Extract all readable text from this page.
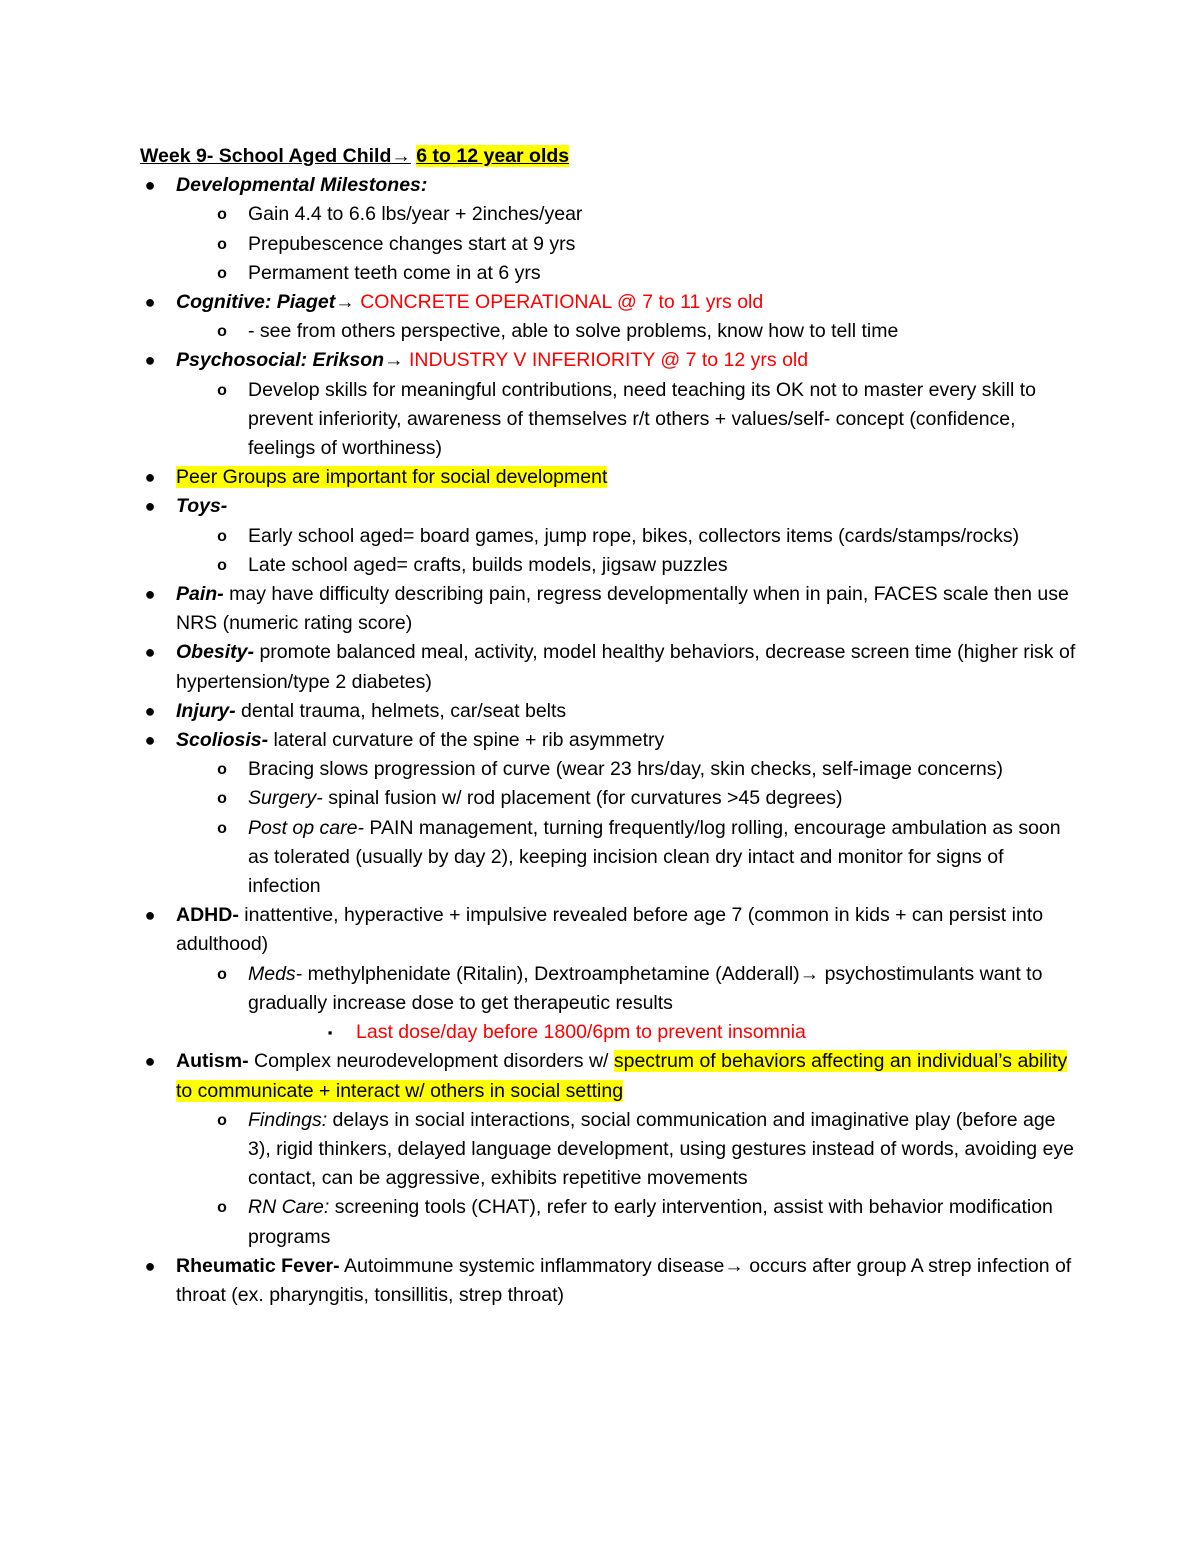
Week 9- School Aged Child→ 6 to 12 year olds
● Developmental Milestones:
o Gain 4.4 to 6.6 lbs/year + 2inches/year
o Prepubescence changes start at 9 yrs
o Permament teeth come in at 6 yrs
● Cognitive: Piaget→ CONCRETE OPERATIONAL @ 7 to 11 yrs old
o - see from others perspective, able to solve problems, know how to tell time
● Psychosocial: Erikson→ INDUSTRY V INFERIORITY @ 7 to 12 yrs old
o Develop skills for meaningful contributions, need teaching its OK not to master every skill to prevent inferiority, awareness of themselves r/t others + values/self- concept (confidence, feelings of worthiness)
● Peer Groups are important for social development
● Toys-
o Early school aged= board games, jump rope, bikes, collectors items (cards/stamps/rocks)
o Late school aged= crafts, builds models, jigsaw puzzles
● Pain- may have difficulty describing pain, regress developmentally when in pain, FACES scale then use NRS (numeric rating score)
● Obesity- promote balanced meal, activity, model healthy behaviors, decrease screen time (higher risk of hypertension/type 2 diabetes)
● Injury- dental trauma, helmets, car/seat belts
● Scoliosis- lateral curvature of the spine + rib asymmetry
o Bracing slows progression of curve (wear 23 hrs/day, skin checks, self-image concerns)
o Surgery- spinal fusion w/ rod placement (for curvatures >45 degrees)
o Post op care- PAIN management, turning frequently/log rolling, encourage ambulation as soon as tolerated (usually by day 2), keeping incision clean dry intact and monitor for signs of infection
● ADHD- inattentive, hyperactive + impulsive revealed before age 7 (common in kids + can persist into adulthood)
o Meds- methylphenidate (Ritalin), Dextroamphetamine (Adderall)→ psychostimulants want to gradually increase dose to get therapeutic results
▪	Last dose/day before 1800/6pm to prevent insomnia
● Autism- Complex neurodevelopment disorders w/ spectrum of behaviors affecting an individual’s ability to communicate + interact w/ others in social setting
o Findings: delays in social interactions, social communication and imaginative play (before age 3), rigid thinkers, delayed language development, using gestures instead of words, avoiding eye contact, can be aggressive, exhibits repetitive movements
o RN Care: screening tools (CHAT), refer to early intervention, assist with behavior modification programs
● Rheumatic Fever- Autoimmune systemic inflammatory disease→ occurs after group A strep infection of throat (ex. pharyngitis, tonsillitis, strep throat)
